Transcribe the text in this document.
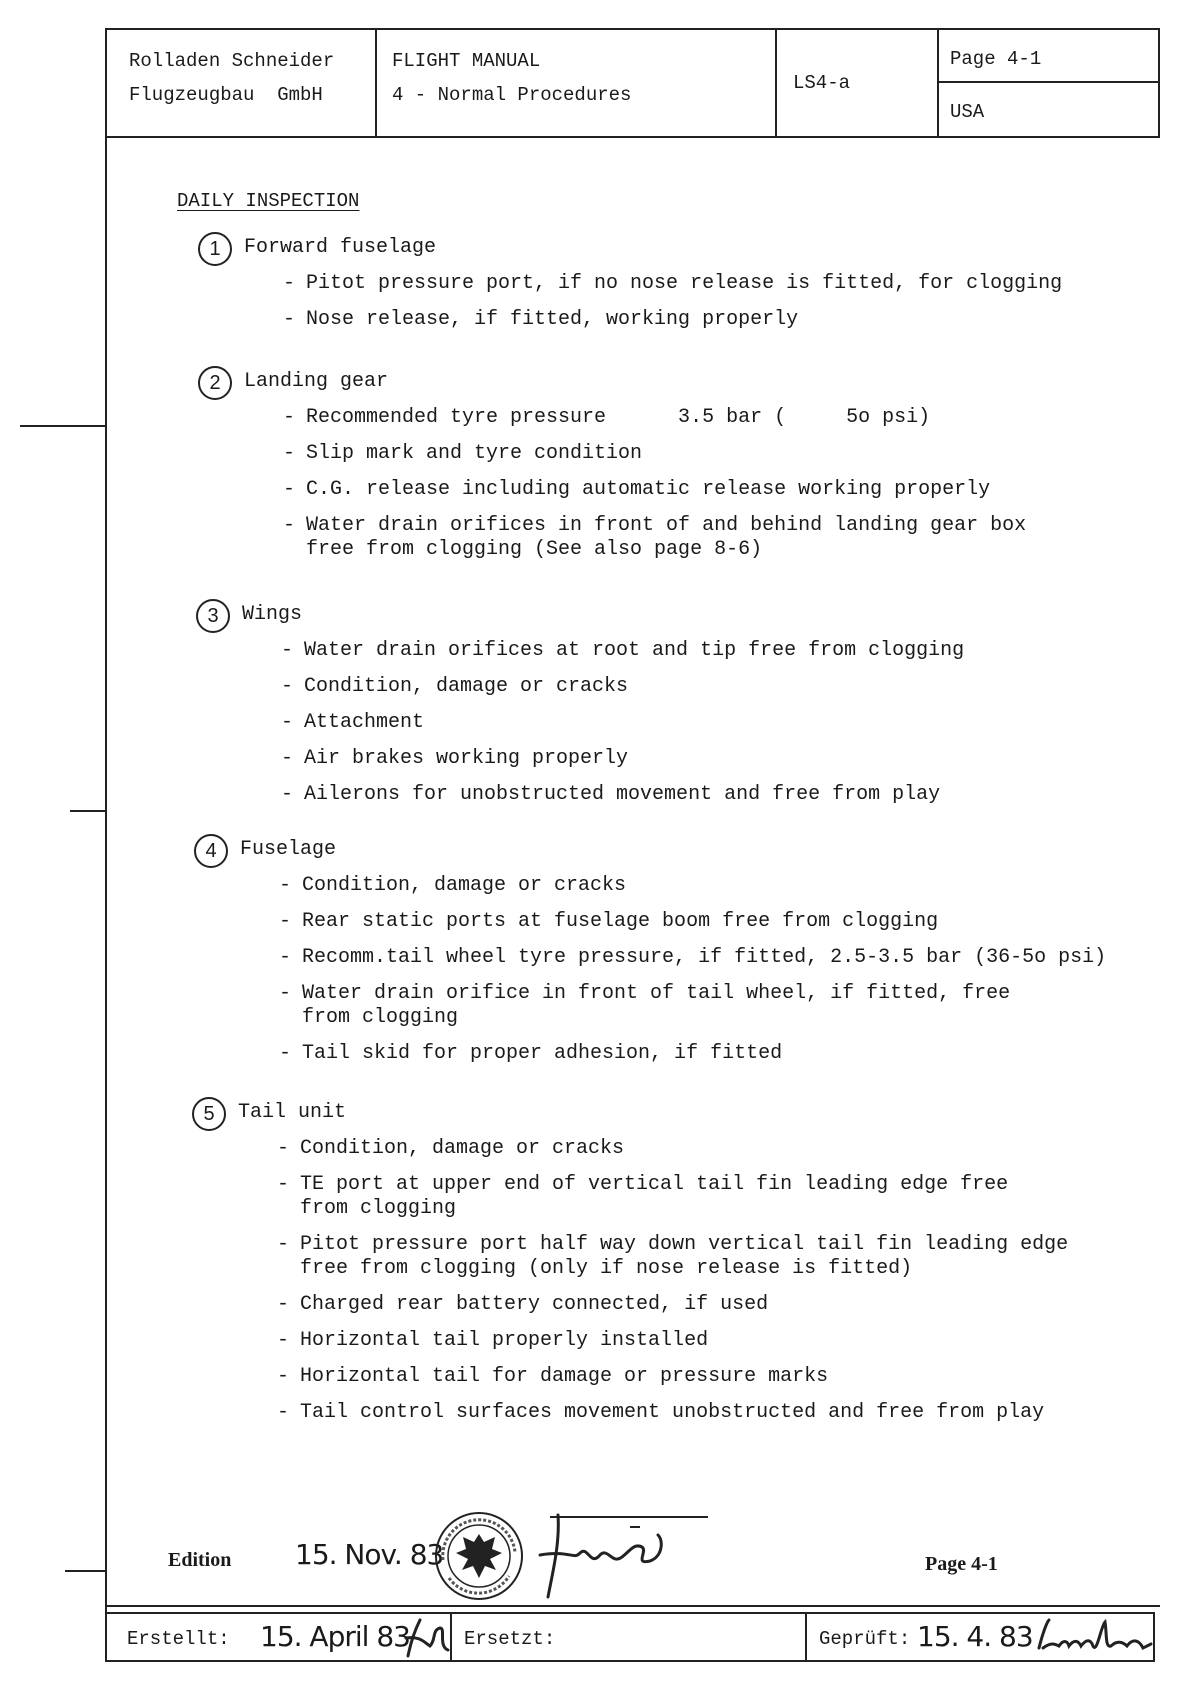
Rolladen Schneider
Flugzeugbau  GmbH
FLIGHT MANUAL
4 - Normal Procedures
LS4-a
Page 4-1
USA
DAILY INSPECTION
1	Forward fuselage
- Pitot pressure port, if no nose release is fitted, for clogging
- Nose release, if fitted, working properly
2	Landing gear
- Recommended tyre pressure      3.5 bar (     5o psi)
- Slip mark and tyre condition
- C.G. release including automatic release working properly
- Water drain orifices in front of and behind landing gear box
free from clogging (See also page 8-6)
3	Wings
- Water drain orifices at root and tip free from clogging
- Condition, damage or cracks
- Attachment
- Air brakes working properly
- Ailerons for unobstructed movement and free from play
4	Fuselage
- Condition, damage or cracks
- Rear static ports at fuselage boom free from clogging
- Recomm.tail wheel tyre pressure, if fitted, 2.5-3.5 bar (36-5o psi)
- Water drain orifice in front of tail wheel, if fitted, free
from clogging
- Tail skid for proper adhesion, if fitted
5	Tail unit
- Condition, damage or cracks
- TE port at upper end of vertical tail fin leading edge free
from clogging
- Pitot pressure port half way down vertical tail fin leading edge
free from clogging (only if nose release is fitted)
- Charged rear battery connected, if used
- Horizontal tail properly installed
- Horizontal tail for damage or pressure marks
- Tail control surfaces movement unobstructed and free from play
Edition 15. Nov. 83	Page 4-1
Erstellt: 15. April 83	Ersetzt:	Geprüft: 15. 4. 83
